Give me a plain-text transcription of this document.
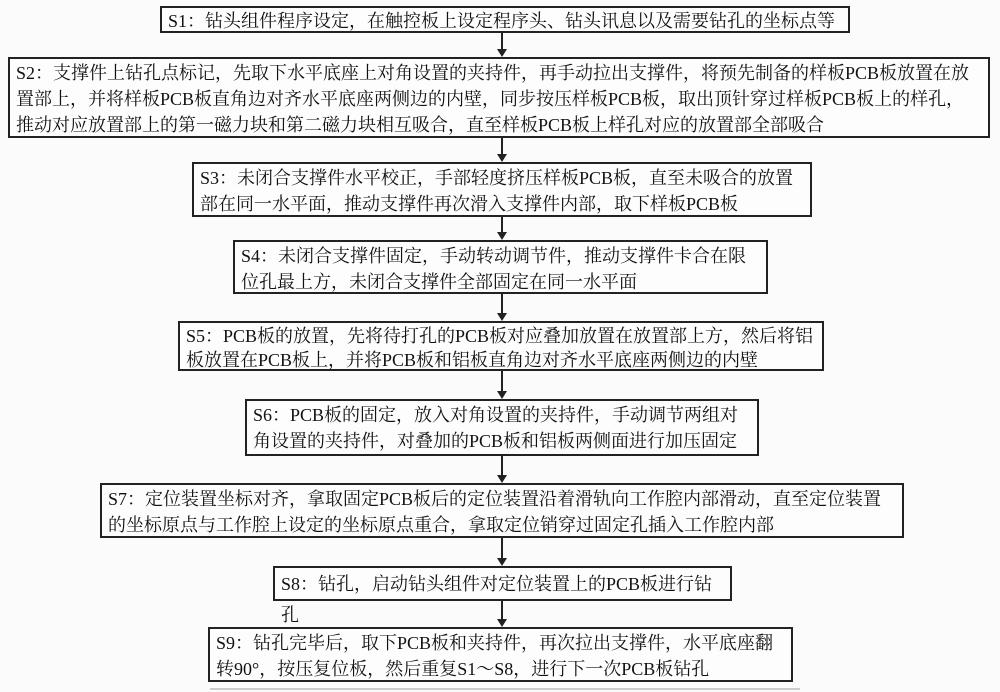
S1：钻头组件程序设定，在触控板上设定程序头、钻头讯息以及需要钻孔的坐标点等
S2：支撑件上钻孔点标记，先取下水平底座上对角设置的夹持件，再手动拉出支撑件，将预先制备的样板PCB板放置在放置部上，并将样板PCB板直角边对齐水平底座两侧边的内壁，同步按压样板PCB板，取出顶针穿过样板PCB板上的样孔，推动对应放置部上的第一磁力块和第二磁力块相互吸合，直至样板PCB板上样孔对应的放置部全部吸合
S3：未闭合支撑件水平校正，手部轻度挤压样板PCB板，直至未吸合的放置部在同一水平面，推动支撑件再次滑入支撑件内部，取下样板PCB板
S4：未闭合支撑件固定，手动转动调节件，推动支撑件卡合在限位孔最上方，未闭合支撑件全部固定在同一水平面
S5：PCB板的放置，先将待打孔的PCB板对应叠加放置在放置部上方，然后将铝板放置在PCB板上，并将PCB板和铝板直角边对齐水平底座两侧边的内壁
S6：PCB板的固定，放入对角设置的夹持件，手动调节两组对角设置的夹持件，对叠加的PCB板和铝板两侧面进行加压固定
S7：定位装置坐标对齐，拿取固定PCB板后的定位装置沿着滑轨向工作腔内部滑动，直至定位装置的坐标原点与工作腔上设定的坐标原点重合，拿取定位销穿过固定孔插入工作腔内部
S8：钻孔，启动钻头组件对定位装置上的PCB板进行钻孔
S9：钻孔完毕后，取下PCB板和夹持件，再次拉出支撑件，水平底座翻转90°，按压复位板，然后重复S1～S8，进行下一次PCB板钻孔
